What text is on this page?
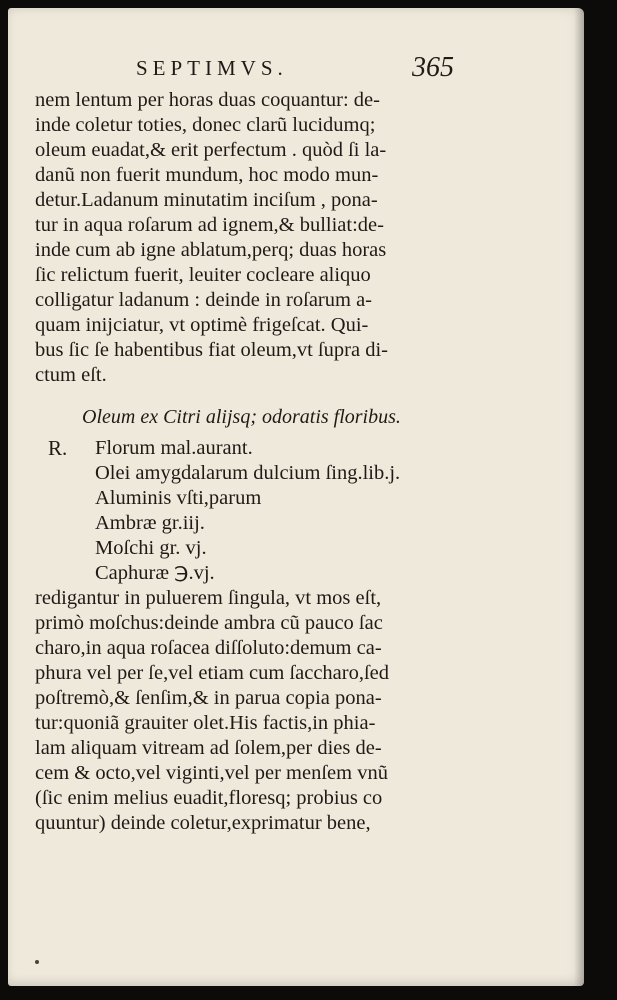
SEPTIMVS.	365
nem lentum per horas duas coquantur: de-
inde coletur toties, donec clarũ lucidumq;
oleum euadat,& erit perfectum . quòd ſi la-
danũ non fuerit mundum, hoc modo mun-
detur.Ladanum minutatim inciſum , pona-
tur in aqua roſarum ad ignem,& bulliat:de-
inde cum ab igne ablatum,perq; duas horas
ſic relictum fuerit, leuiter cocleare aliquo
colligatur ladanum : deinde in roſarum a-
quam inijciatur, vt optimè frigeſcat. Qui-
bus ſic ſe habentibus fiat oleum,vt ſupra di-
ctum eſt.
Oleum ex Citri alijsq; odoratis floribus.
R. Florum mal.aurant.
Olei amygdalarum dulcium ſing.lib.j.
Aluminis vſti,parum
Ambræ gr.iij.
Moſchi gr. vj.
Caphuræ ℈.vj.
redigantur in puluerem ſingula, vt mos eſt,
primò moſchus:deinde ambra cũ pauco ſac
charo,in aqua roſacea diſſoluto:demum ca-
phura vel per ſe,vel etiam cum ſaccharo,ſed
poſtremò,& ſenſim,& in parua copia pona-
tur:quoniã grauiter olet.His factis,in phia-
lam aliquam vitream ad ſolem,per dies de-
cem & octo,vel viginti,vel per menſem vnũ
(ſic enim melius euadit,floresq; probius co
quuntur) deinde coletur,exprimatur bene,
